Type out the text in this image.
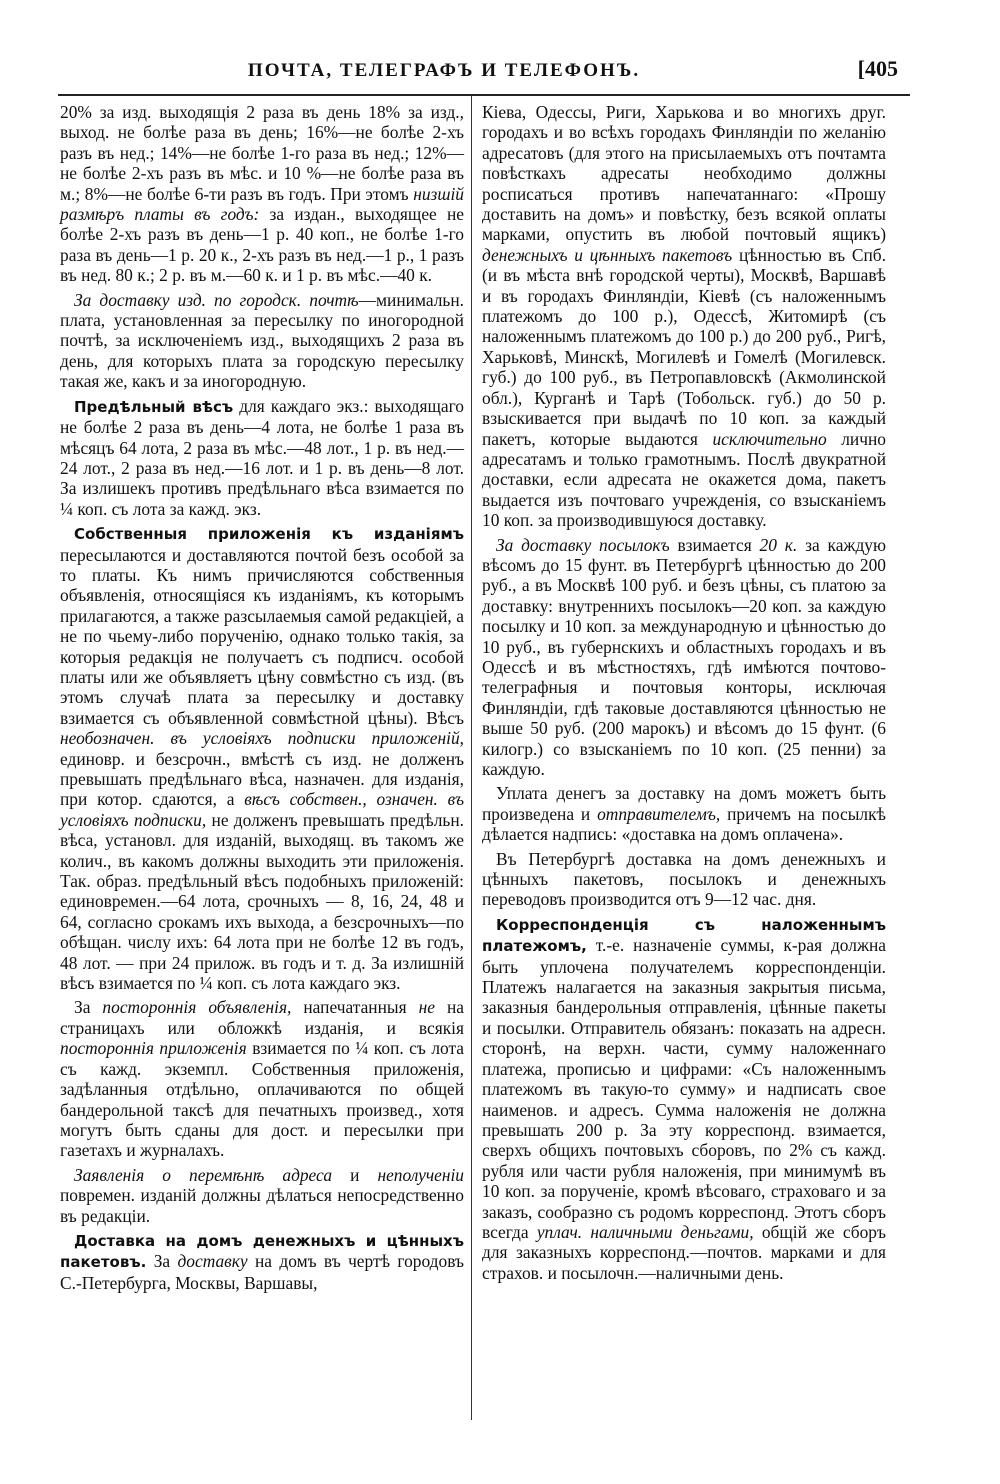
ПОЧТА, ТЕЛЕГРАФЪ И ТЕЛЕФОНЪ.	[405

20% за изд. выходящія 2 раза въ день 18% за изд., выход. не болѣе раза въ день; 16%—не болѣе 2-хъ разъ въ нед.; 14%—не болѣе 1-го раза въ нед.; 12%—не болѣе 2-хъ разъ въ мѣс. и 10 %—не болѣе раза въ м.; 8%—не болѣе 6-ти разъ въ годъ. При этомъ низшій размѣръ платы въ годъ: за издан., выходящее не болѣе 2-хъ разъ въ день—1 р. 40 коп., не болѣе 1-го раза въ день—1 р. 20 к., 2-хъ разъ въ нед.—1 р., 1 разъ въ нед. 80 к.; 2 р. въ м.—60 к. и 1 р. въ мѣс.—40 к.

За доставку изд. по городск. почтѣ—минимальн. плата, установленная за пересылку по иногородной почтѣ, за исключеніемъ изд., выходящихъ 2 раза въ день, для которыхъ плата за городскую пересылку такая же, какъ и за иногородную.

Предѣльный вѣсъ для каждаго экз.: выходящаго не болѣе 2 раза въ день—4 лота, не болѣе 1 раза въ мѣсяцъ 64 лота, 2 раза въ мѣс.—48 лот., 1 р. въ нед.—24 лот., 2 раза въ нед.—16 лот. и 1 р. въ день—8 лот. За излишекъ противъ предѣльнаго вѣса взимается по ¼ коп. съ лота за кажд. экз.

Собственныя приложенія къ изданіямъ пересылаются и доставляются почтой безъ особой за то платы. Къ нимъ причисляются собственныя объявленія, относящіяся къ изданіямъ, къ которымъ прилагаются, а также разсылаемыя самой редакціей, а не по чьему-либо порученію, однако только такія, за которыя редакція не получаетъ съ подписч. особой платы или же объявляетъ цѣну совмѣстно съ изд. (въ этомъ случаѣ плата за пересылку и доставку взимается съ объявленной совмѣстной цѣны). Вѣсъ необозначен. въ условіяхъ подписки приложеній, единовр. и безсрочн., вмѣстѣ съ изд. не долженъ превышать предѣльнаго вѣса, назначен. для изданія, при котор. сдаются, а вѣсъ собствен., означен. въ условіяхъ подписки, не долженъ превышать предѣльн. вѣса, установл. для изданій, выходящ. въ такомъ же колич., въ какомъ должны выходить эти приложенія. Так. образ. предѣльный вѣсъ подобныхъ приложеній: единовремен.—64 лота, срочныхъ — 8, 16, 24, 48 и 64, согласно срокамъ ихъ выхода, а безсрочныхъ—по обѣщан. числу ихъ: 64 лота при не болѣе 12 въ годъ, 48 лот. — при 24 прилож. въ годъ и т. д. За излишній вѣсъ взимается по ¼ коп. съ лота каждаго экз.

За постороннія объявленія, напечатанныя не на страницахъ или обложкѣ изданія, и всякія постороннія приложенія взимается по ¼ коп. съ лота съ кажд. экземпл. Собственныя приложенія, задѣланныя отдѣльно, оплачиваются по общей бандерольной таксѣ для печатныхъ произвед., хотя могутъ быть сданы для дост. и пересылки при газетахъ и журналахъ.

Заявленія о перемѣнѣ адреса и неполученіи повремен. изданій должны дѣлаться непосредственно въ редакціи.

Доставка на домъ денежныхъ и цѣнныхъ пакетовъ. За доставку на домъ въ чертѣ городовъ С.-Петербурга, Москвы, Варшавы,

Кіева, Одессы, Риги, Харькова и во многихъ друг. городахъ и во всѣхъ городахъ Финляндіи по желанію адресатовъ (для этого на присылаемыхъ отъ почтамта повѣсткахъ адресаты необходимо должны росписаться противъ напечатаннаго: «Прошу доставить на домъ» и повѣстку, безъ всякой оплаты марками, опустить въ любой почтовый ящикъ) денежныхъ и цѣнныхъ пакетовъ цѣнностью въ Спб. (и въ мѣста внѣ городской черты), Москвѣ, Варшавѣ и въ городахъ Финляндіи, Кіевѣ (съ наложеннымъ платежомъ до 100 р.), Одессѣ, Житомирѣ (съ наложеннымъ платежомъ до 100 р.) до 200 руб., Ригѣ, Харьковѣ, Минскѣ, Могилевѣ и Гомелѣ (Могилевск. губ.) до 100 руб., въ Петропавловскѣ (Акмолинской обл.), Курганѣ и Тарѣ (Тобольск. губ.) до 50 р. взыскивается при выдачѣ по 10 коп. за каждый пакетъ, которые выдаются исключительно лично адресатамъ и только грамотнымъ. Послѣ двукратной доставки, если адресата не окажется дома, пакетъ выдается изъ почтоваго учрежденія, со взысканіемъ 10 коп. за производившуюся доставку.

За доставку посылокъ взимается 20 к. за каждую вѣсомъ до 15 фунт. въ Петербургѣ цѣнностью до 200 руб., а въ Москвѣ 100 руб. и безъ цѣны, съ платою за доставку: внутреннихъ посылокъ—20 коп. за каждую посылку и 10 коп. за международную и цѣнностью до 10 руб., въ губернскихъ и областныхъ городахъ и въ Одессѣ и въ мѣстностяхъ, гдѣ имѣются почтово-телеграфныя и почтовыя конторы, исключая Финляндіи, гдѣ таковые доставляются цѣнностью не выше 50 руб. (200 марокъ) и вѣсомъ до 15 фунт. (6 килогр.) со взысканіемъ по 10 коп. (25 пенни) за каждую.

Уплата денегъ за доставку на домъ можетъ быть произведена и отправителемъ, причемъ на посылкѣ дѣлается надпись: «доставка на домъ оплачена».

Въ Петербургѣ доставка на домъ денежныхъ и цѣнныхъ пакетовъ, посылокъ и денежныхъ переводовъ производится отъ 9—12 час. дня.

Корреспонденція съ наложеннымъ платежомъ, т.-е. назначеніе суммы, к-рая должна быть уплочена получателемъ корреспонденціи. Платежъ налагается на заказныя закрытыя письма, заказныя бандерольныя отправленія, цѣнные пакеты и посылки. Отправитель обязанъ: показать на адресн. сторонѣ, на верхн. части, сумму наложеннаго платежа, прописью и цифрами: «Съ наложеннымъ платежомъ въ такую-то сумму» и надписать свое наименов. и адресъ. Сумма наложенія не должна превышать 200 р. За эту корреспонд. взимается, сверхъ общихъ почтовыхъ сборовъ, по 2% съ кажд. рубля или части рубля наложенія, при минимумѣ въ 10 коп. за порученіе, кромѣ вѣсоваго, страховаго и за заказъ, сообразно съ родомъ корреспонд. Этотъ сборъ всегда уплач. наличными деньгами, общій же сборъ для заказныхъ корреспонд.—почтов. марками и для страхов. и посылочн.—наличными день.
